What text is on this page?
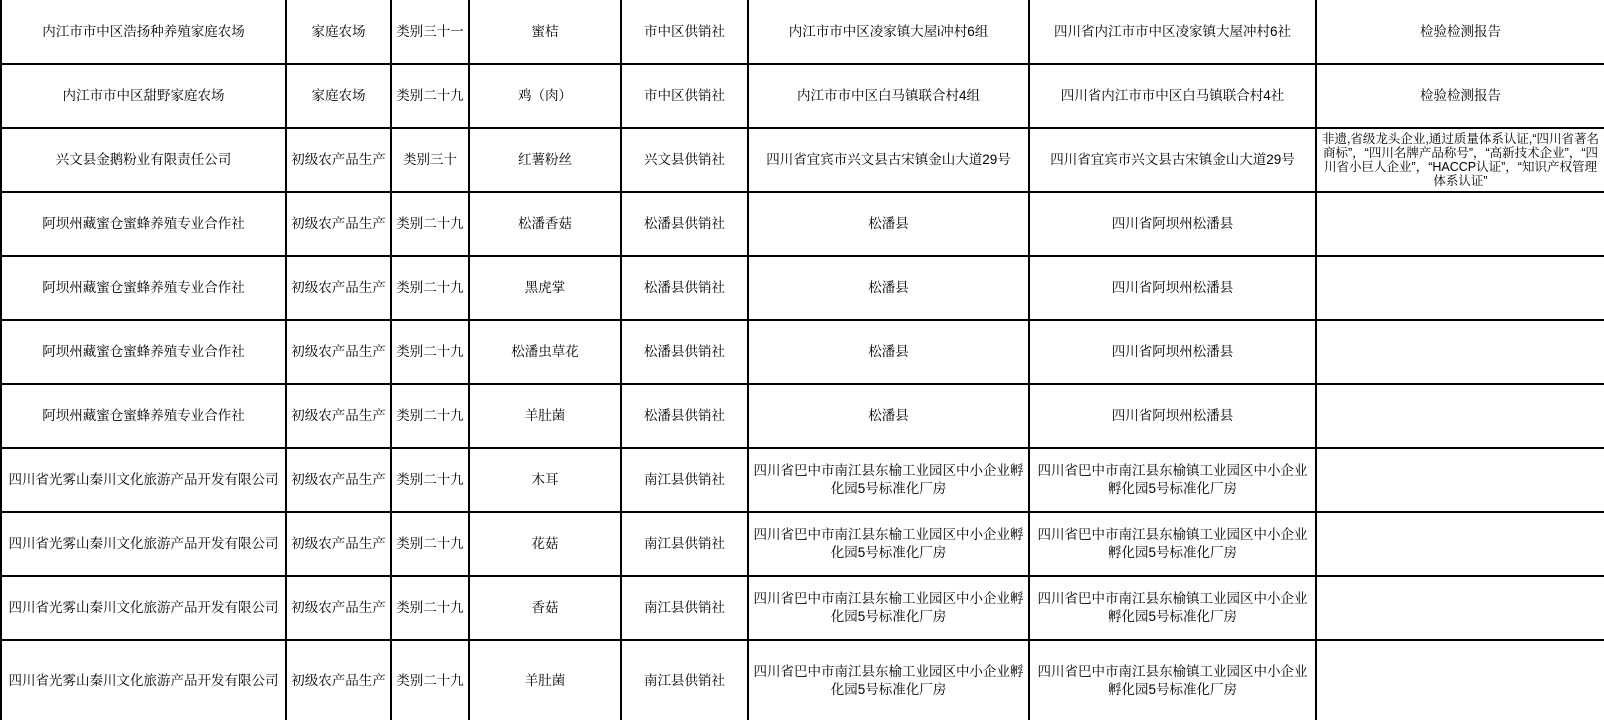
内江市市中区浩扬种养殖家庭农场	家庭农场	类别三十一	蜜桔	市中区供销社	内江市市中区凌家镇大屋i冲村6组	四川省内江市市中区凌家镇大屋冲村6社	检验检测报告
内江市市中区甜野家庭农场	家庭农场	类别二十九	鸡（肉）	市中区供销社	内江市市中区白马镇联合村4组	四川省内江市市中区白马镇联合村4社	检验检测报告
兴文县金鹅粉业有限责任公司	初级农产品生产	类别三十	红薯粉丝	兴文县供销社	四川省宜宾市兴文县古宋镇金山大道29号	四川省宜宾市兴文县古宋镇金山大道29号	非遗,省级龙头企业,通过质量体系认证,“四川省著名商标”，“四川名牌产品称号”，“高新技术企业”，“四川省小巨人企业”，“HACCP认证”，“知识产权管理体系认证”
阿坝州藏蜜仓蜜蜂养殖专业合作社	初级农产品生产	类别二十九	松潘香菇	松潘县供销社	松潘县	四川省阿坝州松潘县	
阿坝州藏蜜仓蜜蜂养殖专业合作社	初级农产品生产	类别二十九	黑虎掌	松潘县供销社	松潘县	四川省阿坝州松潘县	
阿坝州藏蜜仓蜜蜂养殖专业合作社	初级农产品生产	类别二十九	松潘虫草花	松潘县供销社	松潘县	四川省阿坝州松潘县	
阿坝州藏蜜仓蜜蜂养殖专业合作社	初级农产品生产	类别二十九	羊肚菌	松潘县供销社	松潘县	四川省阿坝州松潘县	
四川省光雾山秦川文化旅游产品开发有限公司	初级农产品生产	类别二十九	木耳	南江县供销社	四川省巴中市南江县东榆工业园区中小企业孵化园5号标准化厂房	四川省巴中市南江县东榆镇工业园区中小企业孵化园5号标准化厂房	
四川省光雾山秦川文化旅游产品开发有限公司	初级农产品生产	类别二十九	花菇	南江县供销社	四川省巴中市南江县东榆工业园区中小企业孵化园5号标准化厂房	四川省巴中市南江县东榆镇工业园区中小企业孵化园5号标准化厂房	
四川省光雾山秦川文化旅游产品开发有限公司	初级农产品生产	类别二十九	香菇	南江县供销社	四川省巴中市南江县东榆工业园区中小企业孵化园5号标准化厂房	四川省巴中市南江县东榆镇工业园区中小企业孵化园5号标准化厂房	
四川省光雾山秦川文化旅游产品开发有限公司	初级农产品生产	类别二十九	羊肚菌	南江县供销社	四川省巴中市南江县东榆工业园区中小企业孵化园5号标准化厂房	四川省巴中市南江县东榆镇工业园区中小企业孵化园5号标准化厂房	
